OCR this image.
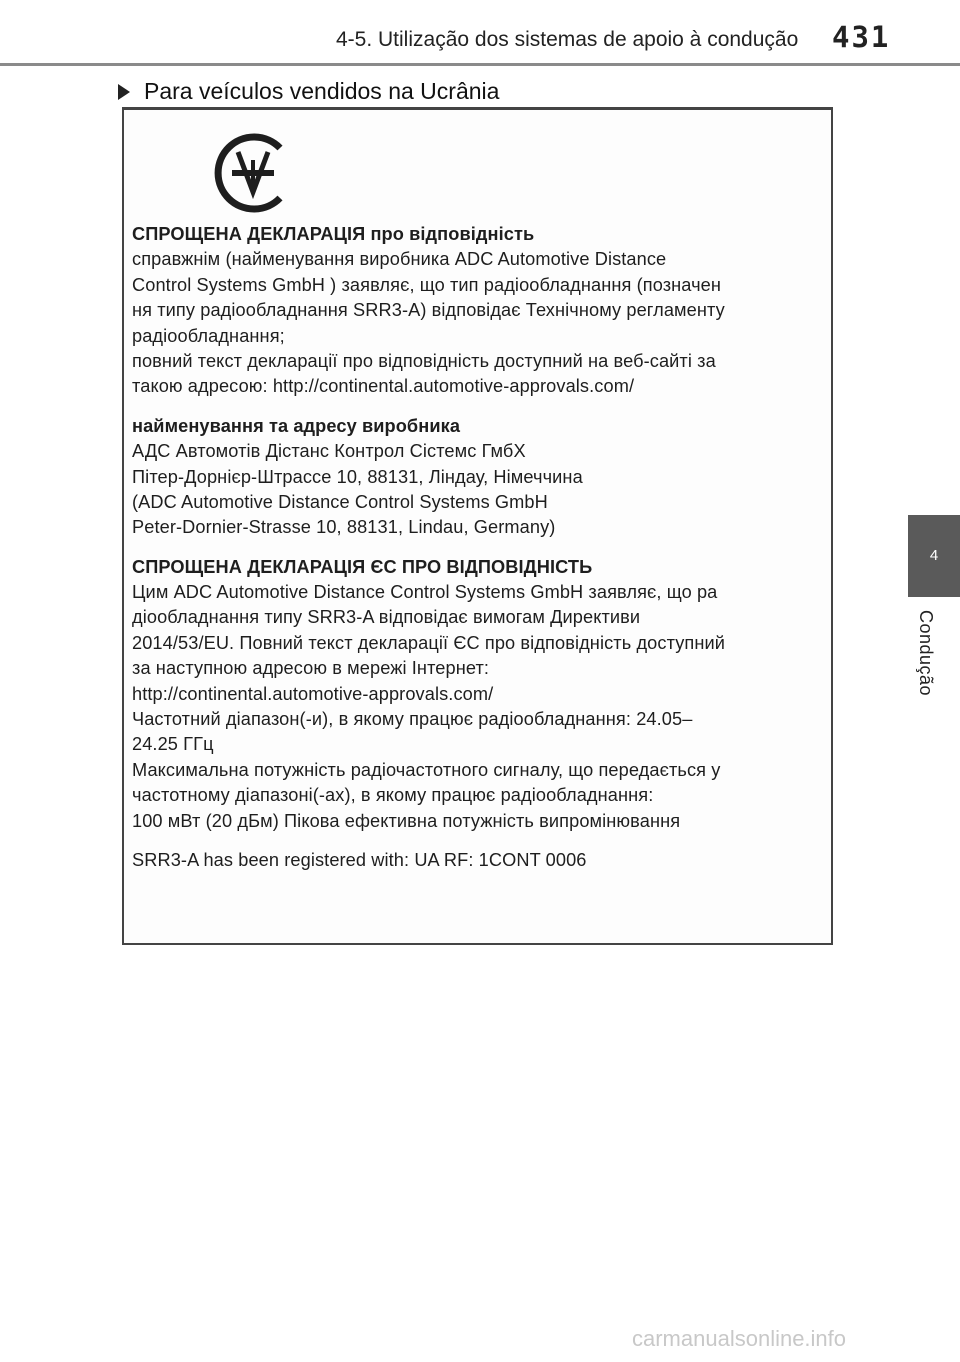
4-5. Utilização dos sistemas de apoio à condução 431
Para veículos vendidos na Ucrânia
4
Condução
СПРОЩЕНА ДЕКЛАРАЦІЯ про відповідність
справжнім (найменування виробника ADC Automotive Distance
Control Systems GmbH ) заявляє, що тип радіообладнання (позначен
ня типу радіообладнання SRR3-A) відповідає Технічному регламенту
радіообладнання;
повний текст декларації про відповідність доступний на веб-сайті за
такою адресою: http://continental.automotive-approvals.com/
найменування та адресу виробника
АДС Автомотів Дістанс Контрол Сістемс ГмбХ
Пітер-Дорнієр-Штрассе 10, 88131, Ліндау, Німеччина
(ADC Automotive Distance Control Systems GmbH
Peter-Dornier-Strasse 10, 88131, Lindau, Germany)
СПРОЩЕНА ДЕКЛАРАЦІЯ ЄС ПРО ВІДПОВІДНІСТЬ
Цим ADC Automotive Distance Control Systems GmbH заявляє, що ра
діообладнання типу SRR3-A відповідає вимогам Директиви
2014/53/EU. Повний текст декларації ЄС про відповідність доступний
за наступною адресою в мережі Інтернет:
http://continental.automotive-approvals.com/
Частотний діапазон(-и), в якому працює радіообладнання: 24.05–
24.25 ГГц
Максимальна потужність радіочастотного сигналу, що передається у
частотному діапазоні(-ах), в якому працює радіообладнання:
100 мВт (20 дБм) Пікова ефективна потужність випромінювання
SRR3-A has been registered with: UA RF: 1CONT 0006
carmanualsonline.info
